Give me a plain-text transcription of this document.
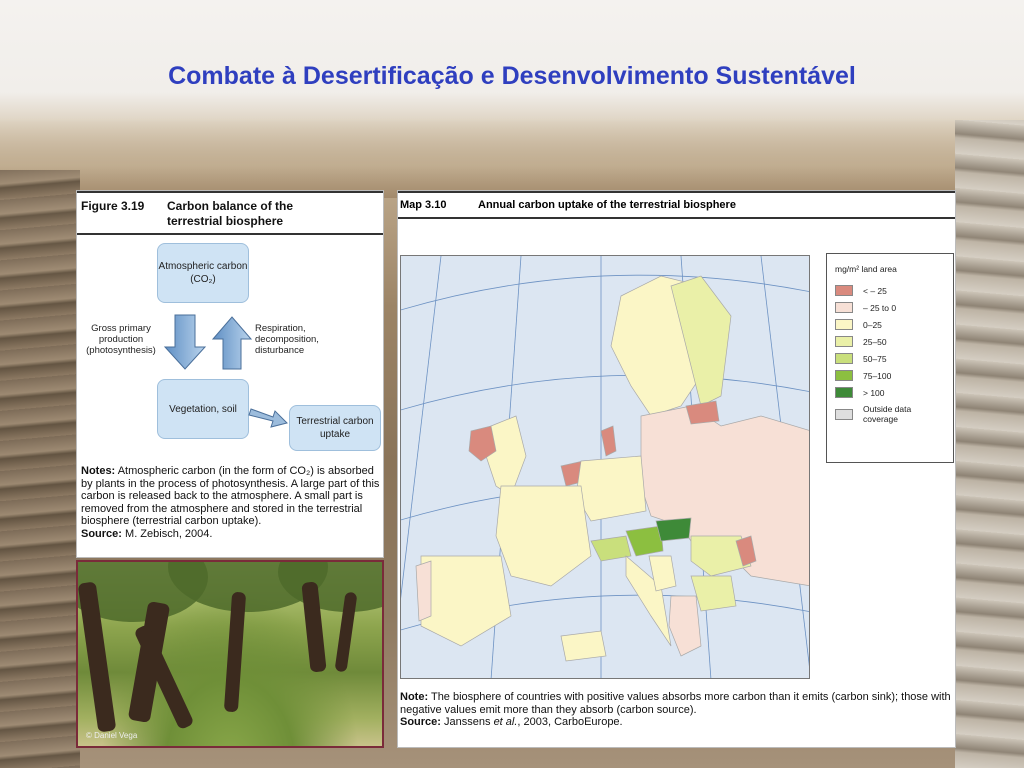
Combate à Desertificação e Desenvolvimento Sustentável
Figure 3.19	Carbon balance of the terrestrial biosphere
Atmospheric carbon (CO₂)
Vegetation, soil
Terrestrial carbon uptake
Gross primary production (photosynthesis)
Respiration, decomposition, disturbance
Notes: Atmospheric carbon (in the form of CO₂) is absorbed by plants in the process of photosynthesis. A large part of this carbon is released back to the atmosphere. A small part is removed from the atmosphere and stored in the terrestrial biosphere (terrestrial carbon uptake).
Source: M. Zebisch, 2004.
© Daniel Vega
Map 3.10	Annual carbon uptake of the terrestrial biosphere
mg/m² land area
< – 25
– 25 to 0
0–25
25–50
50–75
75–100
> 100
Outside data coverage
Note: The biosphere of countries with positive values absorbs more carbon than it emits (carbon sink); those with negative values emit more than they absorb (carbon source).
Source: Janssens et al., 2003, CarboEurope.
